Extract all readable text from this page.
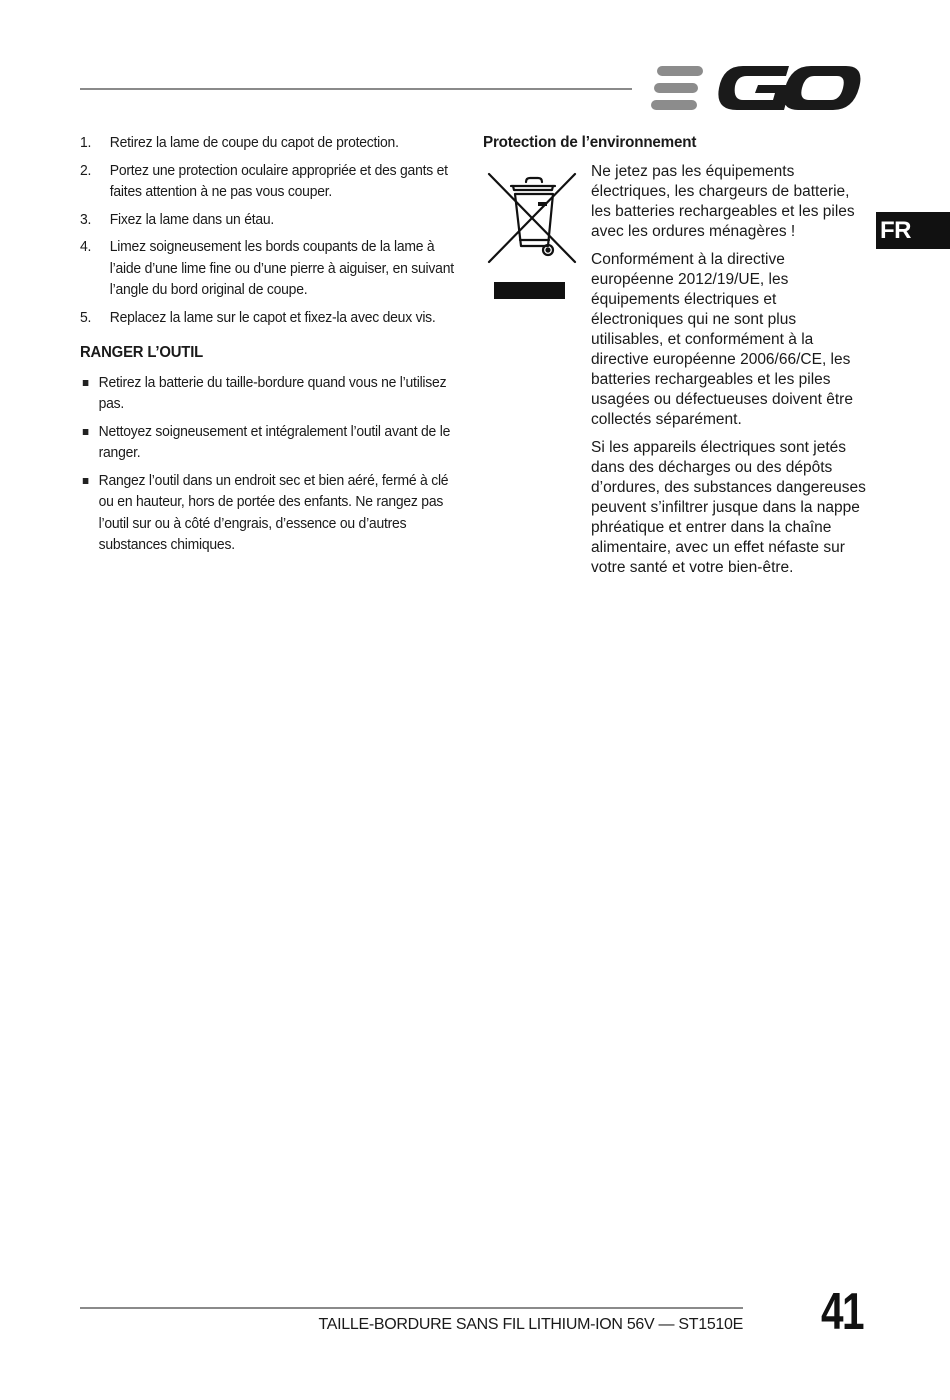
FR
1. Retirez la lame de coupe du capot de protection.
2. Portez une protection oculaire appropriée et des gants et faites attention à ne pas vous couper.
3. Fixez la lame dans un étau.
4. Limez soigneusement les bords coupants de la lame à l’aide d’une lime fine ou d’une pierre à aiguiser, en suivant l’angle du bord original de coupe.
5. Replacez la lame sur le capot et fixez-la avec deux vis.
RANGER L’OUTIL
Retirez la batterie du taille-bordure quand vous ne l’utilisez pas.
Nettoyez soigneusement et intégralement l’outil avant de le ranger.
Rangez l’outil dans un endroit sec et bien aéré, fermé à clé ou en hauteur, hors de portée des enfants. Ne rangez pas l’outil sur ou à côté d’engrais, d’essence ou d’autres substances chimiques.
Protection de l’environnement

Ne jetez pas les équipements électriques, les chargeurs de batterie, les batteries rechargeables et les piles avec les ordures ménagères !

Conformément à la directive européenne 2012/19/UE, les équipements électriques et électroniques qui ne sont plus utilisables, et conformément à la directive européenne 2006/66/CE, les batteries rechargeables et les piles usagées ou défectueuses doivent être collectés séparément.

Si les appareils électriques sont jetés dans des décharges ou des dépôts d’ordures, des substances dangereuses peuvent s’infiltrer jusque dans la nappe phréatique et entrer dans la chaîne alimentaire, avec un effet néfaste sur votre santé et votre bien-être.

TAILLE-BORDURE SANS FIL LITHIUM-ION 56V — ST1510E 41
